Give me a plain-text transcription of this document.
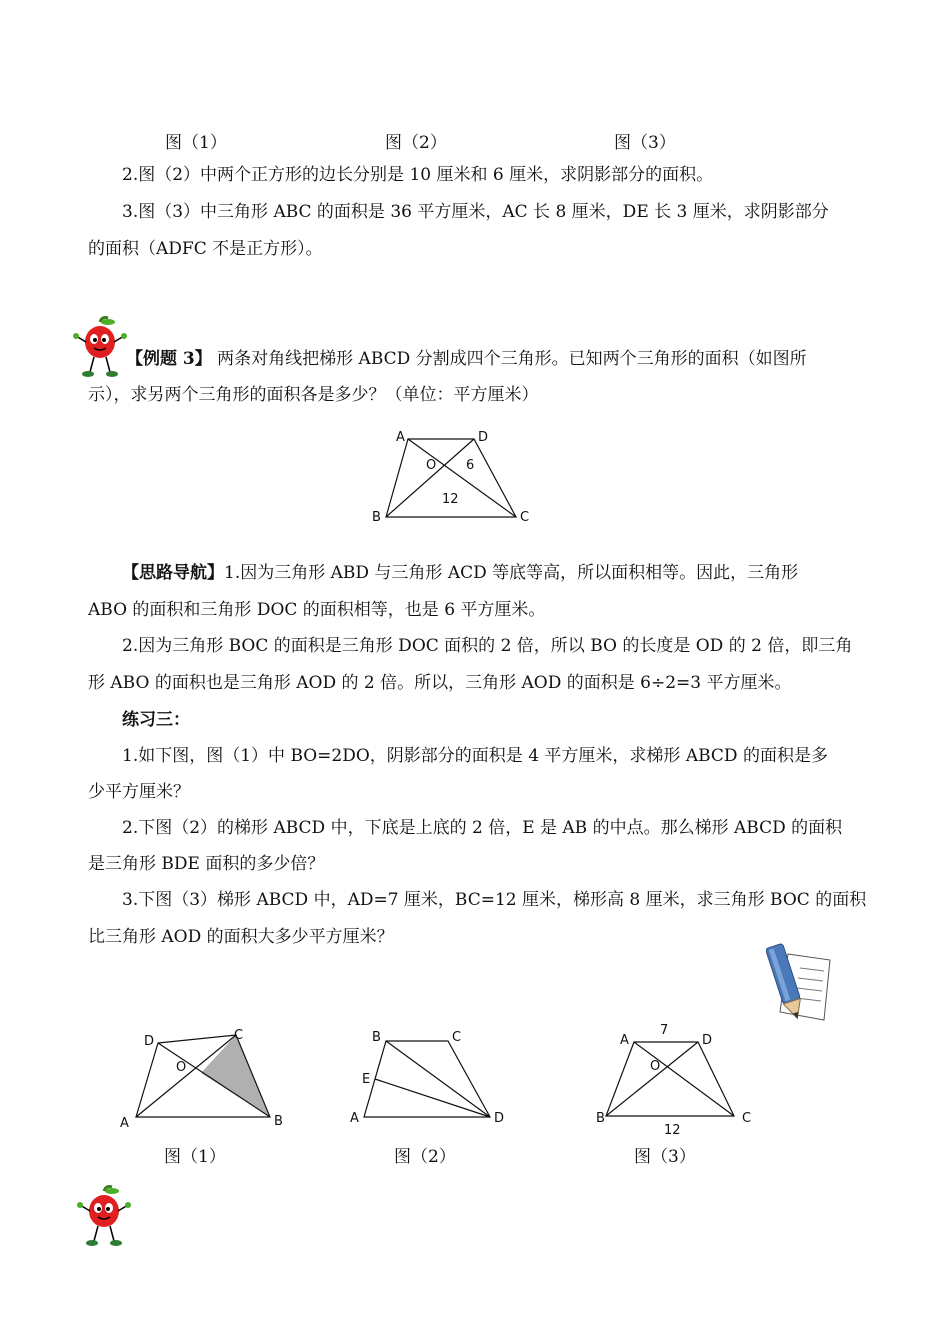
图（1）	图（2）	图（3）
2.图（2）中两个正方形的边长分别是 10 厘米和 6 厘米，求阴影部分的面积。
3.图（3）中三角形 ABC 的面积是 36 平方厘米，AC 长 8 厘米，DE 长 3 厘米，求阴影部分
的面积（ADFC 不是正方形）。
【例题 3】 两条对角线把梯形 ABCD 分割成四个三角形。已知两个三角形的面积（如图所
示），求另两个三角形的面积各是多少？（单位：平方厘米）
A	D
O 6
12
B	C
【思路导航】1.因为三角形 ABD 与三角形 ACD 等底等高，所以面积相等。因此，三角形
ABO 的面积和三角形 DOC 的面积相等，也是 6 平方厘米。
2.因为三角形 BOC 的面积是三角形 DOC 面积的 2 倍，所以 BO 的长度是 OD 的 2 倍，即三角
形 ABO 的面积也是三角形 AOD 的 2 倍。所以，三角形 AOD 的面积是 6÷2=3 平方厘米。
练习三：
1.如下图，图（1）中 BO=2DO，阴影部分的面积是 4 平方厘米，求梯形 ABCD 的面积是多
少平方厘米？
2.下图（2）的梯形 ABCD 中，下底是上底的 2 倍，E 是 AB 的中点。那么梯形 ABCD 的面积
是三角形 BDE 面积的多少倍？
3.下图（3）梯形 ABCD 中，AD=7 厘米，BC=12 厘米，梯形高 8 厘米，求三角形 BOC 的面积
比三角形 AOD 的面积大多少平方厘米？
D	C
O
A	B
图（1）
B	C
E
A	D
图（2）
7
A	D
O
B	C
12
图（3）
